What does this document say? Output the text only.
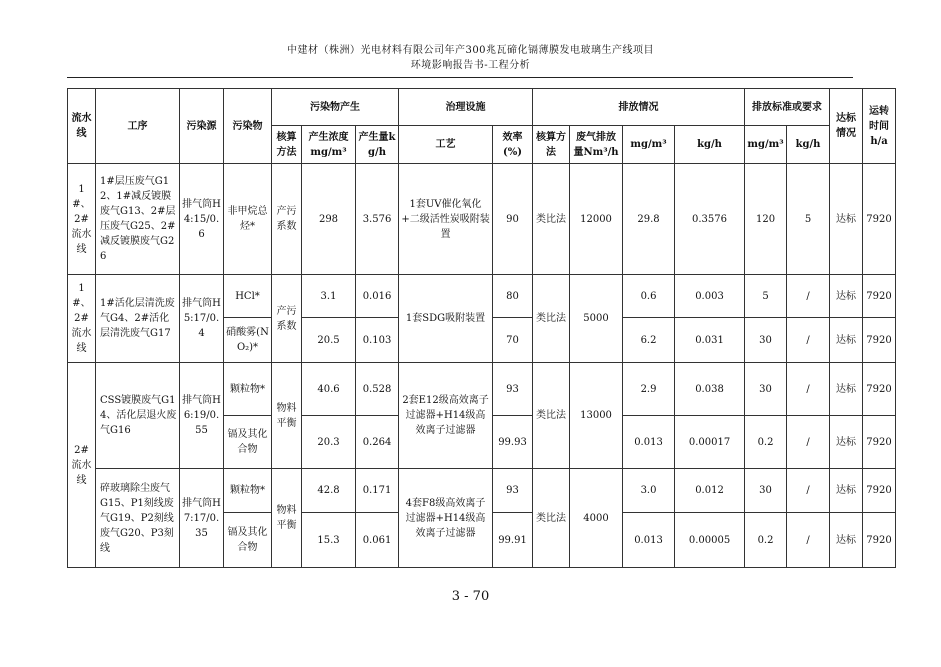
中建材（株洲）光电材料有限公司年产300兆瓦碲化镉薄膜发电玻璃生产线项目
环境影响报告书-工程分析
流水线	工序	污染源	污染物	污染物产生			治理设施		排放情况				排放标准或要求		达标情况	运转时间h/a
				核算方法	产生浓度mg/m³	产生量kg/h	工艺	效率(%)	核算方法	废气排放量Nm³/h	mg/m³	kg/h	mg/m³	kg/h		
1#、2#流水线	1#层压废气G12、1#减反镀膜废气G13、2#层压废气G25、2#减反镀膜废气G26	排气筒H4:15/0.6	非甲烷总烃*	产污系数	298	3.576	1套UV催化氧化+二级活性炭吸附装置	90	类比法	12000	29.8	0.3576	120	5	达标	7920
1#、2#流水线	1#活化层清洗废气G4、2#活化层清洗废气G17	排气筒H5:17/0.4	HCl*	产污系数	3.1	0.016	1套SDG吸附装置	80	类比法	5000	0.6	0.003	5	/	达标	7920
			硝酸雾(NO₂)*		20.5	0.103		70			6.2	0.031	30	/	达标	7920
2#流水线	CSS镀膜废气G14、活化层退火废气G16	排气筒H6:19/0.55	颗粒物*	物料平衡	40.6	0.528	2套E12级高效离子过滤器+H14级高效离子过滤器	93	类比法	13000	2.9	0.038	30	/	达标	7920
			镉及其化合物		20.3	0.264		99.93			0.013	0.00017	0.2	/	达标	7920
	碎玻璃除尘废气G15、P1刻线废气G19、P2刻线废气G20、P3刻线	排气筒H7:17/0.35	颗粒物*	物料平衡	42.8	0.171	4套F8级高效离子过滤器+H14级高效离子过滤器	93	类比法	4000	3.0	0.012	30	/	达标	7920
			镉及其化合物		15.3	0.061		99.91			0.013	0.00005	0.2	/	达标	7920
3 - 70
